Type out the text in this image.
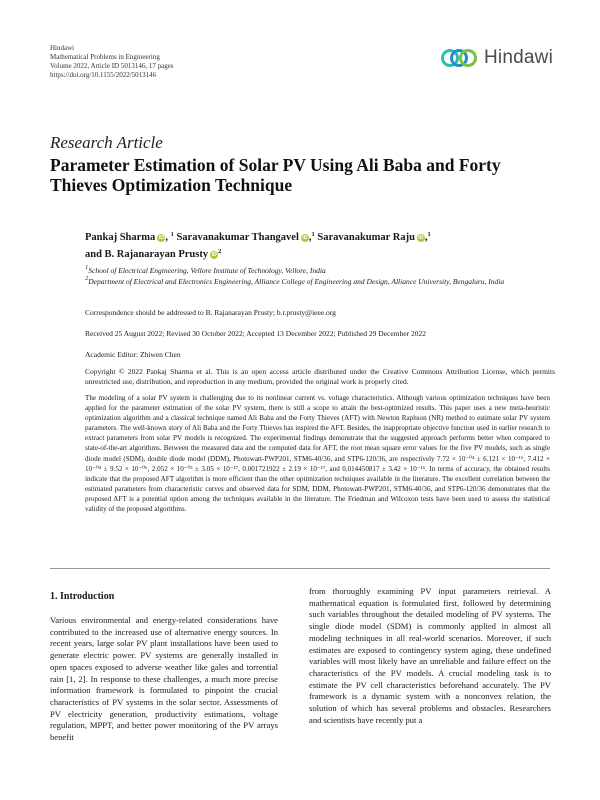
Hindawi
Mathematical Problems in Engineering
Volume 2022, Article ID 5013146, 17 pages
https://doi.org/10.1155/2022/5013146
Hindawi
Research Article
Parameter Estimation of Solar PV Using Ali Baba and Forty Thieves Optimization Technique
Pankaj Sharma iD , $^1$ Saravanakumar Thangavel iD ,$^1$ Saravanakumar Raju iD ,$^1$
and B. Rajanarayan Prusty iD $^2$
$^1$School of Electrical Engineering, Vellore Institute of Technology, Vellore, India
$^2$Department of Electrical and Electronics Engineering, Alliance College of Engineering and Design, Alliance University, Bengaluru, India
Correspondence should be addressed to B. Rajanarayan Prusty; b.r.prusty@ieee.org
Received 25 August 2022; Revised 30 October 2022; Accepted 13 December 2022; Published 29 December 2022
Academic Editor: Zhiwen Chen
Copyright © 2022 Pankaj Sharma et al. This is an open access article distributed under the Creative Commons Attribution License, which permits unrestricted use, distribution, and reproduction in any medium, provided the original work is properly cited.
The modeling of a solar PV system is challenging due to its nonlinear current vs. voltage characteristics. Although various optimization techniques have been applied for the parameter estimation of the solar PV system, there is still a scope to attain the best-optimized results. This paper uses a new meta-heuristic optimization algorithm and a classical technique named Ali Baba and the Forty Thieves (AFT) with Newton Raphson (NR) method to estimate solar PV system parameters. The well-known story of Ali Baba and the Forty Thieves has inspired the AFT. Besides, the inappropriate objective function used in earlier research to extract parameters from solar PV models is recognized. The experimental findings demonstrate that the suggested approach performs better when compared to state-of-the-art algorithms. Between the measured data and the computed data for AFT, the root mean square error values for the five PV models, such as single diode model (SDM), double diode model (DDM), Photowatt-PWP201, STM6-40/36, and STP6-120/36, are respectively 7.72 × 10⁻⁰⁴ ± 6.121 × 10⁻¹⁶, 7.412 × 10⁻⁰⁴ ± 9.52 × 10⁻⁰⁶, 2.052 × 10⁻⁰³ ± 3.05 × 10⁻¹⁷, 0.001721922 ± 2.19 × 10⁻¹⁷, and 0.014450817 ± 3.42 × 10⁻¹⁶. In terms of accuracy, the obtained results indicate that the proposed AFT algorithm is more efficient than the other optimization techniques available in the literature. The excellent correlation between the estimated parameters from characteristic curves and observed data for SDM, DDM, Photowatt-PWP201, STM6-40/36, and STP6-120/36 demonstrates that the proposed AFT is a potential option among the techniques available in the literature. The Friedman and Wilcoxon tests have been used to assess the statistical validity of the proposed algorithms.
1. Introduction
Various environmental and energy-related considerations have contributed to the increased use of alternative energy sources. In recent years, large solar PV plant installations have been used to generate electric power. PV systems are generally installed in open spaces exposed to adverse weather like gales and torrential rain [1, 2]. In response to these challenges, a much more precise information framework is formulated to pinpoint the crucial characteristics of PV systems in the solar sector. Assessments of PV electricity generation, productivity estimations, voltage regulation, MPPT, and better power monitoring of the PV arrays benefit
from thoroughly examining PV input parameters retrieval. A mathematical equation is formulated first, followed by determining such variables throughout the detailed modeling of PV systems. The single diode model (SDM) is commonly applied in almost all modeling techniques in all real-world scenarios. Moreover, if such estimates are exposed to contingency system aging, these undefined variables will most likely have an unreliable and failure effect on the characteristics of the PV models. A crucial modeling task is to estimate the PV cell characteristics beforehand accurately. The PV framework is a dynamic system with a nonconvex relation, the solution of which has several problems and obstacles. Researchers and scientists have recently put a
